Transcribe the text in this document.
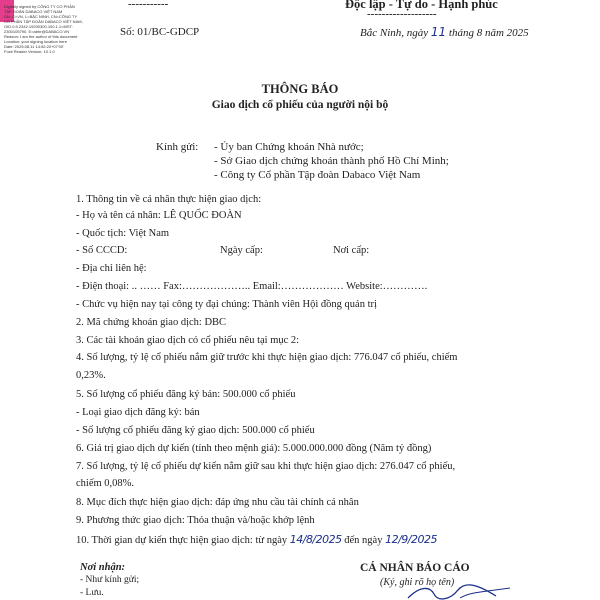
Digitally signed by CÔNG TY CỔ PHẦN
TẬP ĐOÀN DABACO VIỆT NAM
DN: C=VN, L=BẮC NINH, CN=CÔNG TY
CỔ PHẦN TẬP ĐOÀN DABACO VIỆT NAM,
OID.0.9.2342.19200300.100.1.1=MST:
2300105790, E=abhr@DABACO.VN
Reason: I am the author of this document
Location: your signing location here
Date: 2025.08.11 14:52:20+07'00'
Foxit Reader Version: 10.1.0
-----------	Độc lập - Tự do - Hạnh phúc
-------------------
Số: 01/BC-GDCP	Bắc Ninh, ngày 11 tháng 8 năm 2025
THÔNG BÁO
Giao dịch cổ phiếu của người nội bộ
Kính gửi: - Ủy ban Chứng khoán Nhà nước;
- Sở Giao dịch chứng khoán thành phố Hồ Chí Minh;
- Công ty Cổ phần Tập đoàn Dabaco Việt Nam
1. Thông tin về cá nhân thực hiện giao dịch:
- Họ và tên cá nhân: LÊ QUỐC ĐOÀN
- Quốc tịch: Việt Nam
- Số CCCD:	Ngày cấp:	Nơi cấp:
- Địa chỉ liên hệ:
- Điện thoại: .. …… Fax:……………….. Email:……………… Website:………….
- Chức vụ hiện nay tại công ty đại chúng: Thành viên Hội đồng quản trị
2. Mã chứng khoán giao dịch: DBC
3. Các tài khoản giao dịch có cổ phiếu nêu tại mục 2:
4. Số lượng, tỷ lệ cổ phiếu nắm giữ trước khi thực hiện giao dịch: 776.047 cổ phiếu, chiếm
0,23%.
5. Số lượng cổ phiếu đăng ký bán: 500.000 cổ phiếu
- Loại giao dịch đăng ký: bán
- Số lượng cổ phiếu đăng ký giao dịch: 500.000 cổ phiếu
6. Giá trị giao dịch dự kiến (tính theo mệnh giá): 5.000.000.000 đồng (Năm tỷ đồng)
7. Số lượng, tỷ lệ cổ phiếu dự kiến nắm giữ sau khi thực hiện giao dịch: 276.047 cổ phiếu,
chiếm 0,08%.
8. Mục đích thực hiện giao dịch: đáp ứng nhu cầu tài chính cá nhân
9. Phương thức giao dịch: Thỏa thuận và/hoặc khớp lệnh
10. Thời gian dự kiến thực hiện giao dịch: từ ngày 14/8/2025 đến ngày 12/9/2025
Nơi nhận:
- Như kính gửi;
- Lưu.
CÁ NHÂN BÁO CÁO
(Ký, ghi rõ họ tên)
